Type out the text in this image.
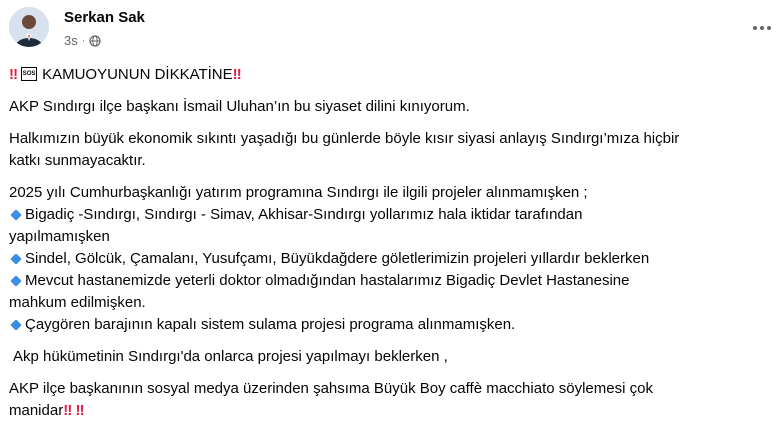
Serkan Sak
3s ·

‼ SOS KAMUOYUNUN DİKKATİNE‼

AKP Sındırgı ilçe başkanı İsmail Uluhan’ın bu siyaset dilini kınıyorum.

Halkımızın büyük ekonomik sıkıntı yaşadığı bu günlerde böyle kısır siyasi anlayış Sındırgı’mıza hiçbir

katkı sunmayacaktır.

2025 yılı Cumhurbaşkanlığı yatırım programına Sındırgı ile ilgili projeler alınmamışken ;

Bigadiç -Sındırgı, Sındırgı - Simav, Akhisar-Sındırgı yollarımız hala iktidar tarafından

yapılmamışken

Sindel, Gölcük, Çamalanı, Yusufçamı, Büyükdağdere göletlerimizin projeleri yıllardır beklerken

Mevcut hastanemizde yeterli doktor olmadığından hastalarımız Bigadiç Devlet Hastanesine

mahkum edilmişken.

Çaygören barajının kapalı sistem sulama projesi programa alınmamışken.

Akp hükümetinin Sındırgı'da onlarca projesi yapılmayı beklerken ,

AKP ilçe başkanının sosyal medya üzerinden şahsıma Büyük Boy caffè macchiato söylemesi çok

manidar‼ ‼
